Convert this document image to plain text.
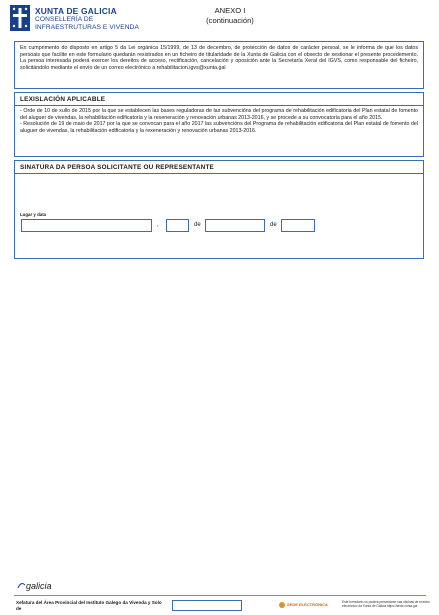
XUNTA DE GALICIA
CONSELLERÍA DE
INFRAESTRUTURAS E VIVENDA
ANEXO I
(continuación)
En cumprimento do disposto en artigo 5 da Lei orgánica 15/1999, de 13 de decembro, de protección de datos de carácter persoal, se le informa de que los datos persoais que facilite en este formulario quedarán rexistrados en un ficheiro de titularidade de la Xunta de Galicia con el obxecto de xestionar el presente procedemento. La persoa interesada poderá exercer los dereitos de acceso, rectificación, cancelación y oposición ante la Secretaría Xeral del IGVS, como responsable del ficheiro, solicitándolo mediante el envío de un correo electrónico a rehabilitacion.igvs@xunta.gal
LEXISLACIÓN APLICABLE
- Orde de 10 de xullo de 2015 por la que se establecen las bases reguladoras de las subvencións del programa de rehabilitación edificatoria del Plan estatal de fomento del aluguer de vivendas, la rehabilitación edificatoria y la rexeneración y renovación urbanas 2013-2016, y se procede a su convocatoria para el año 2015.
- Resolución de 19 de maio de 2017 por la que se convocan para el año 2017 las subvencións del Programa de rehabilitación edificatoria del Plan estatal de fomento del aluguer de vivendas, la rehabilitación edificatoria y la rexeneración y renovación urbanas 2013-2016.
SINATURA DA PERSOA SOLICITANTE OU REPRESENTANTE
Lugar y data
,	de	de
galicia
Xefatura del Área Provincial del Instituto Galego da Vivenda y Solo de
SEDE ELECTRÓNICA	Este formulario só poderá presentarse nas oficinas de rexistro electrónico da Xunta de Galicia https://sede.xunta.gal
